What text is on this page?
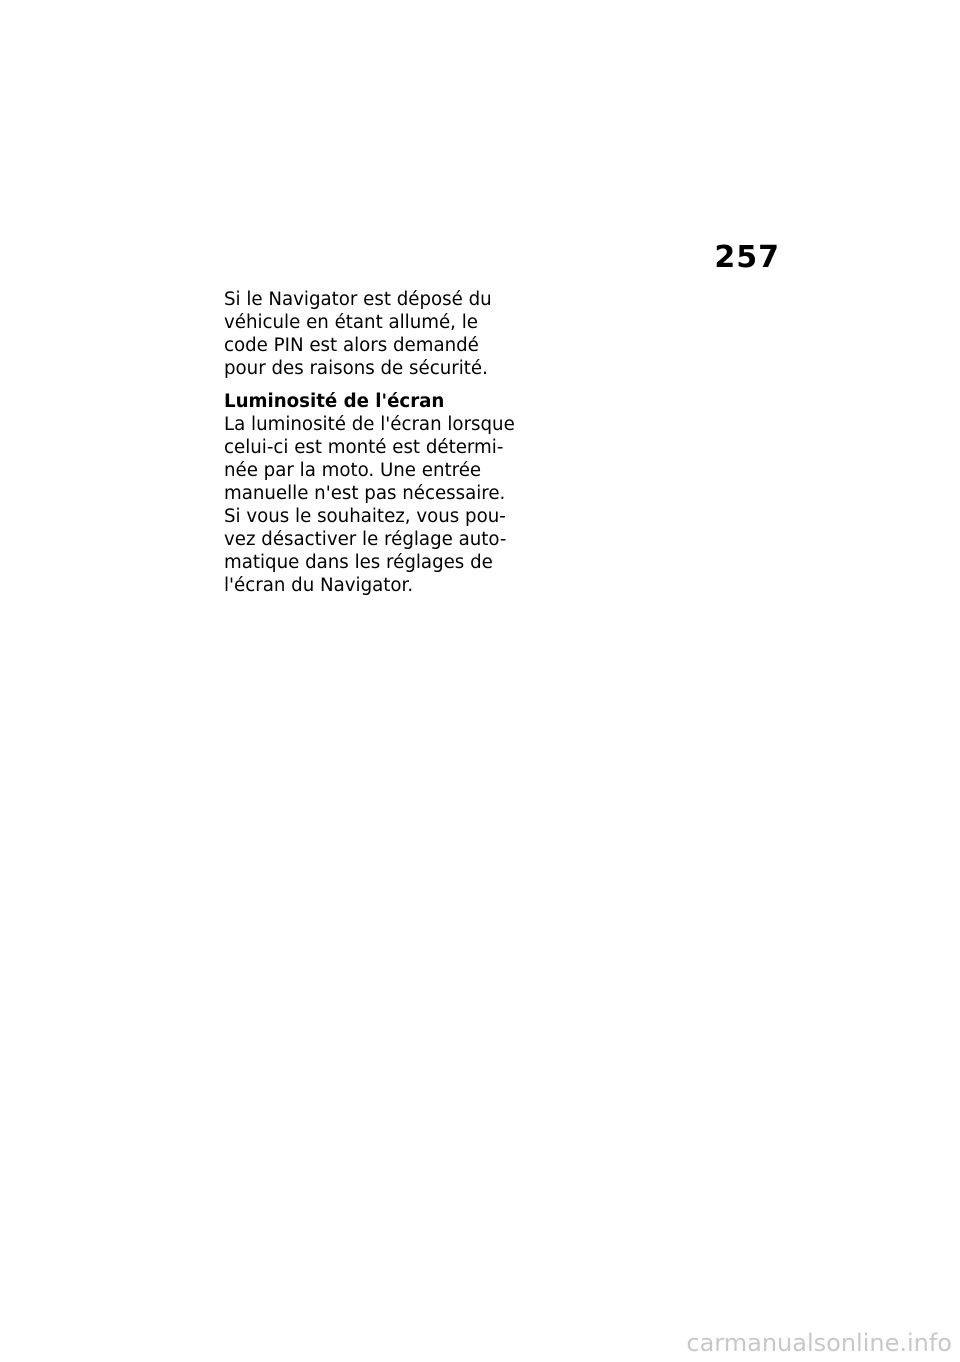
257
Si le Navigator est déposé du
véhicule en étant allumé, le
code PIN est alors demandé
pour des raisons de sécurité.
Luminosité de l'écran
La luminosité de l'écran lorsque
celui-ci est monté est détermi-
née par la moto. Une entrée
manuelle n'est pas nécessaire.
Si vous le souhaitez, vous pou-
vez désactiver le réglage auto-
matique dans les réglages de
l'écran du Navigator.
carmanualsonline.info
